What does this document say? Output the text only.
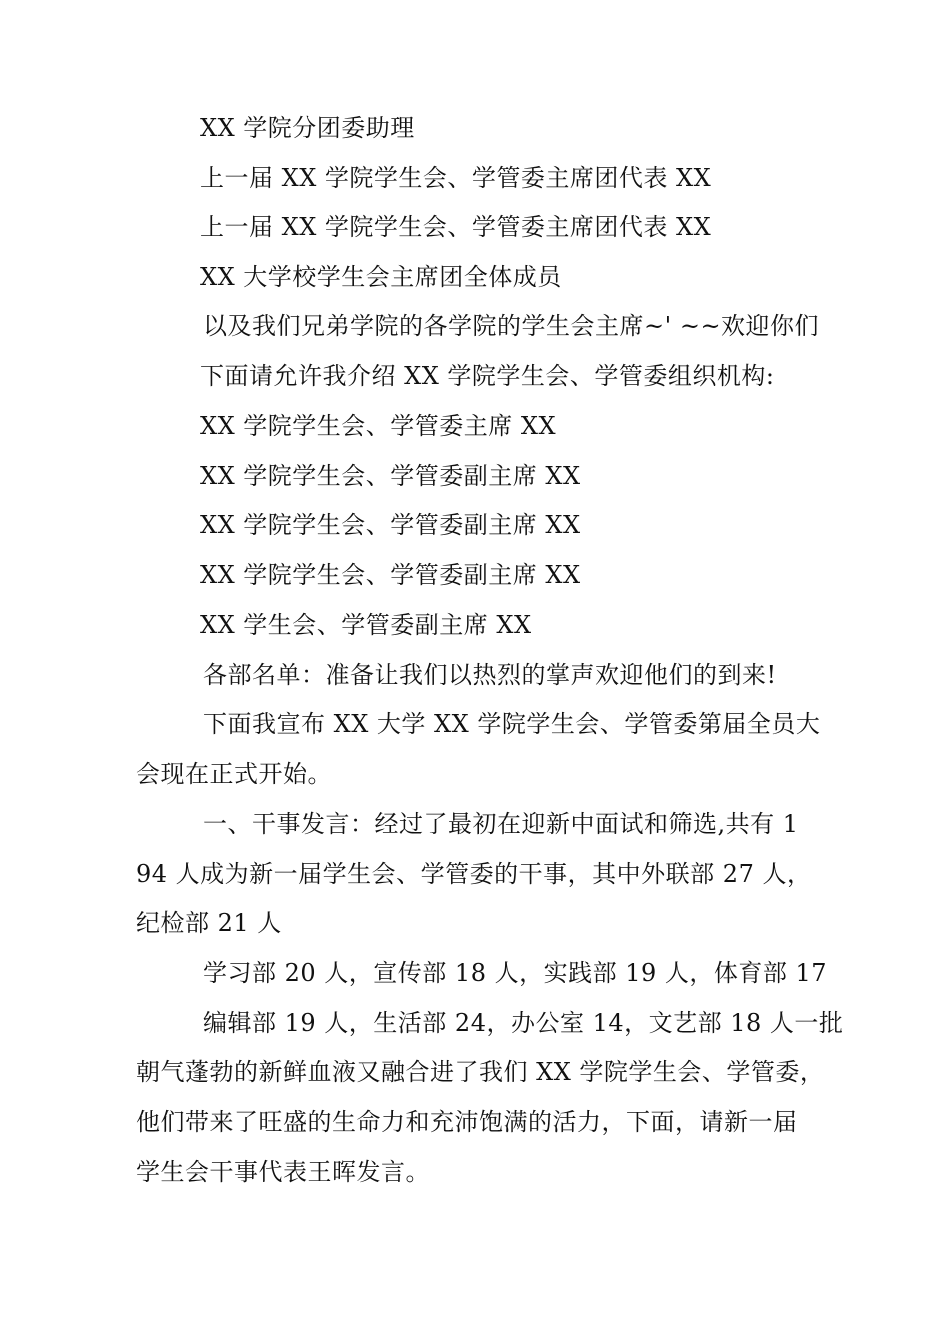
XX 学院分团委助理
上一届 XX 学院学生会、学管委主席团代表 XX
上一届 XX 学院学生会、学管委主席团代表 XX
XX 大学校学生会主席团全体成员
以及我们兄弟学院的各学院的学生会主席~' ~~欢迎你们
下面请允许我介绍 XX 学院学生会、学管委组织机构:
XX 学院学生会、学管委主席 XX
XX 学院学生会、学管委副主席 XX
XX 学院学生会、学管委副主席 XX
XX 学院学生会、学管委副主席 XX
XX 学生会、学管委副主席 XX
各部名单：准备让我们以热烈的掌声欢迎他们的到来!
下面我宣布 XX 大学 XX 学院学生会、学管委第届全员大
会现在正式开始。
一、干事发言：经过了最初在迎新中面试和筛选,共有 1
94 人成为新一届学生会、学管委的干事，其中外联部 27 人，
纪检部 21 人
学习部 20 人，宣传部 18 人，实践部 19 人，体育部 17
编辑部 19 人，生活部 24，办公室 14，文艺部 18 人一批
朝气蓬勃的新鲜血液又融合进了我们 XX 学院学生会、学管委，
他们带来了旺盛的生命力和充沛饱满的活力，下面，请新一届
学生会干事代表王晖发言。
